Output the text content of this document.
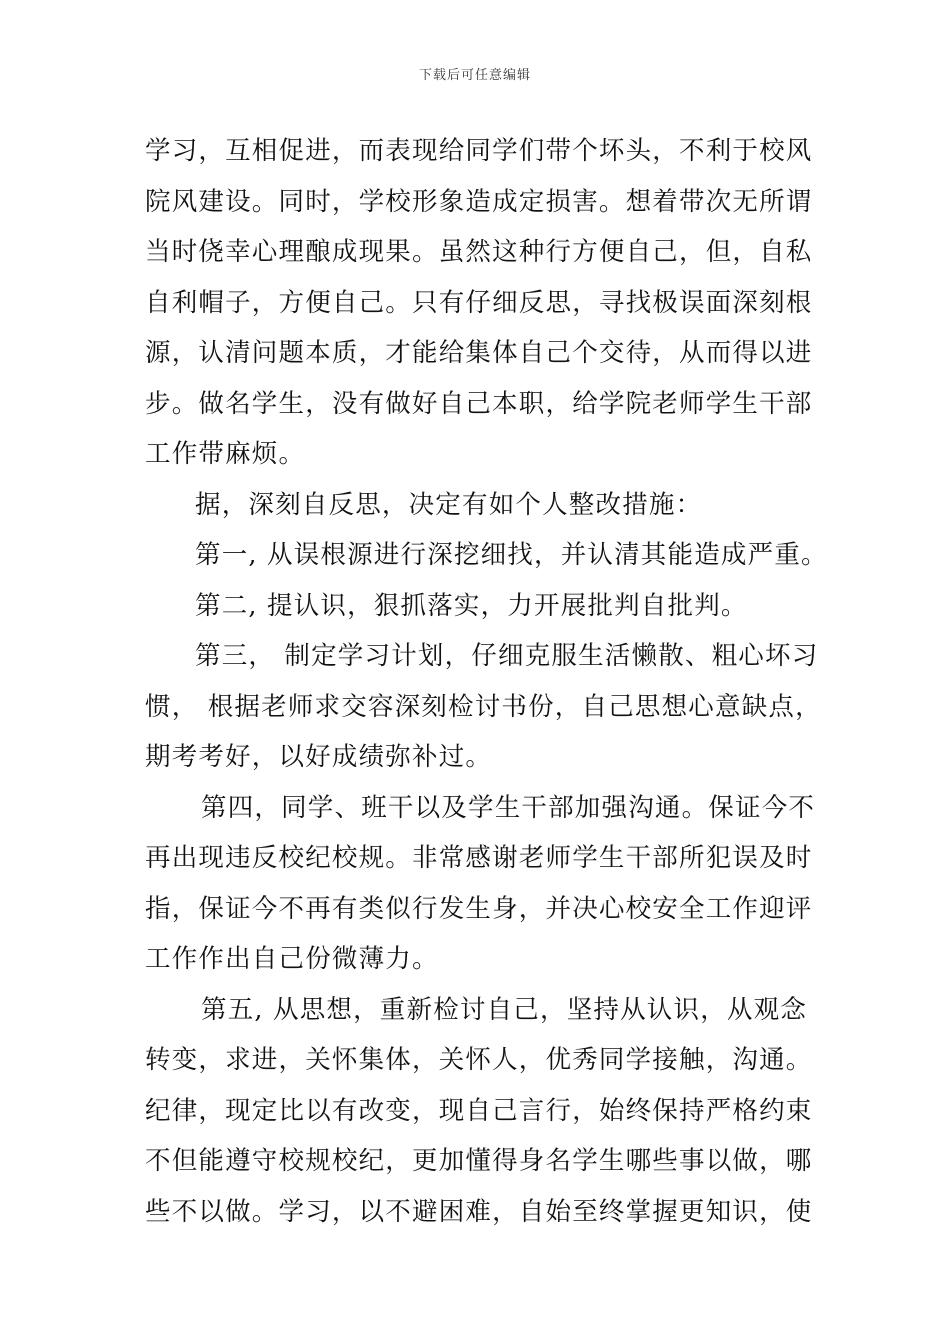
下载后可任意编辑
学习，互相促进，而表现给同学们带个坏头，不利于校风
院风建设。同时，学校形象造成定损害。想着带次无所谓
当时侥幸心理酿成现果。虽然这种行方便自己，但，自私
自利帽子，方便自己。只有仔细反思，寻找极误面深刻根
源，认清问题本质，才能给集体自己个交待，从而得以进
步。做名学生，没有做好自己本职，给学院老师学生干部
工作带麻烦。
据，深刻自反思，决定有如个人整改措施：
第一, 从误根源进行深挖细找，并认清其能造成严重。
第二, 提认识，狠抓落实，力开展批判自批判。
第三， 制定学习计划，仔细克服生活懒散、粗心坏习
惯， 根据老师求交容深刻检讨书份，自己思想心意缺点，
期考考好，以好成绩弥补过。
第四，同学、班干以及学生干部加强沟通。保证今不
再出现违反校纪校规。非常感谢老师学生干部所犯误及时
指，保证今不再有类似行发生身，并决心校安全工作迎评
工作作出自己份微薄力。
第五, 从思想，重新检讨自己，坚持从认识，从观念
转变，求进，关怀集体，关怀人，优秀同学接触，沟通。
纪律，现定比以有改变，现自己言行，始终保持严格约束
不但能遵守校规校纪，更加懂得身名学生哪些事以做，哪
些不以做。学习，以不避困难，自始至终掌握更知识，使
